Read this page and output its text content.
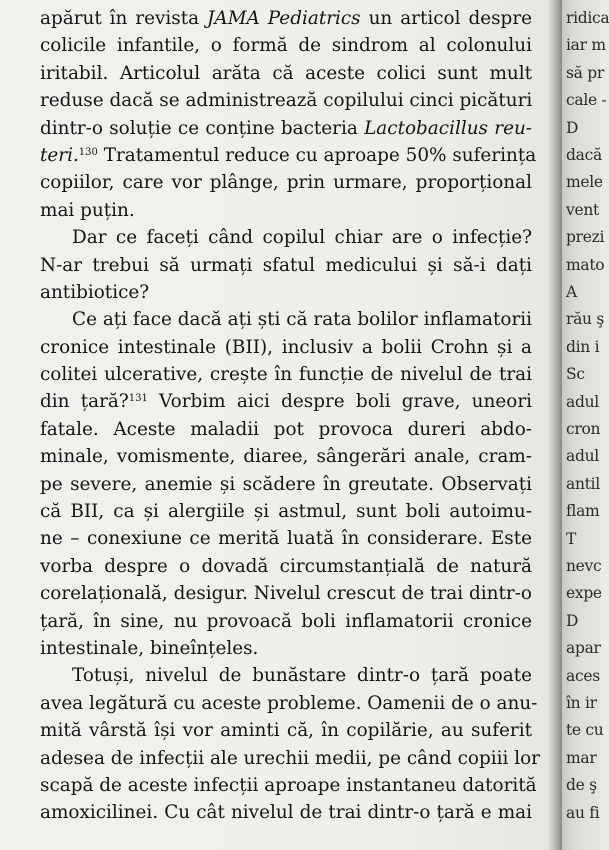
apărut în revista JAMA Pediatrics un articol despre
colicile infantile, o formă de sindrom al colonului
iritabil. Articolul arăta că aceste colici sunt mult
reduse dacă se administrează copilului cinci picături
dintr-o soluție ce conține bacteria Lactobacillus reu-
teri.$^{130}$ Tratamentul reduce cu aproape 50% suferința
copiilor, care vor plânge, prin urmare, proporțional
mai puțin.
Dar ce faceți când copilul chiar are o infecție?
N-ar trebui să urmați sfatul medicului și să-i dați
antibiotice?
Ce ați face dacă ați ști că rata bolilor inflamatorii
cronice intestinale (BII), inclusiv a bolii Crohn și a
colitei ulcerative, crește în funcție de nivelul de trai
din țară?$^{131}$ Vorbim aici despre boli grave, uneori
fatale. Aceste maladii pot provoca dureri abdo-
minale, vomismente, diaree, sângerări anale, cram-
pe severe, anemie și scădere în greutate. Observați
că BII, ca și alergiile și astmul, sunt boli autoimu-
ne – conexiune ce merită luată în considerare. Este
vorba despre o dovadă circumstanțială de natură
corelațională, desigur. Nivelul crescut de trai dintr-o
țară, în sine, nu provoacă boli inflamatorii cronice
intestinale, bineînțeles.
Totuși, nivelul de bunăstare dintr-o țară poate
avea legătură cu aceste probleme. Oamenii de o anu-
mită vârstă își vor aminti că, în copilărie, au suferit
adesea de infecții ale urechii medii, pe când copiii lor
scapă de aceste infecții aproape instantaneu datorită
amoxicilinei. Cu cât nivelul de trai dintr-o țară e mai
ridica
iar m
să pr
cale -
D
dacă
mele
vent
prezi
mato
A
rău ş
din i
Sc
adul
cron
adul
antil
flam
T
nevc
expe
D
apar
aces
în ir
te cu
mar
de ş
au fi
